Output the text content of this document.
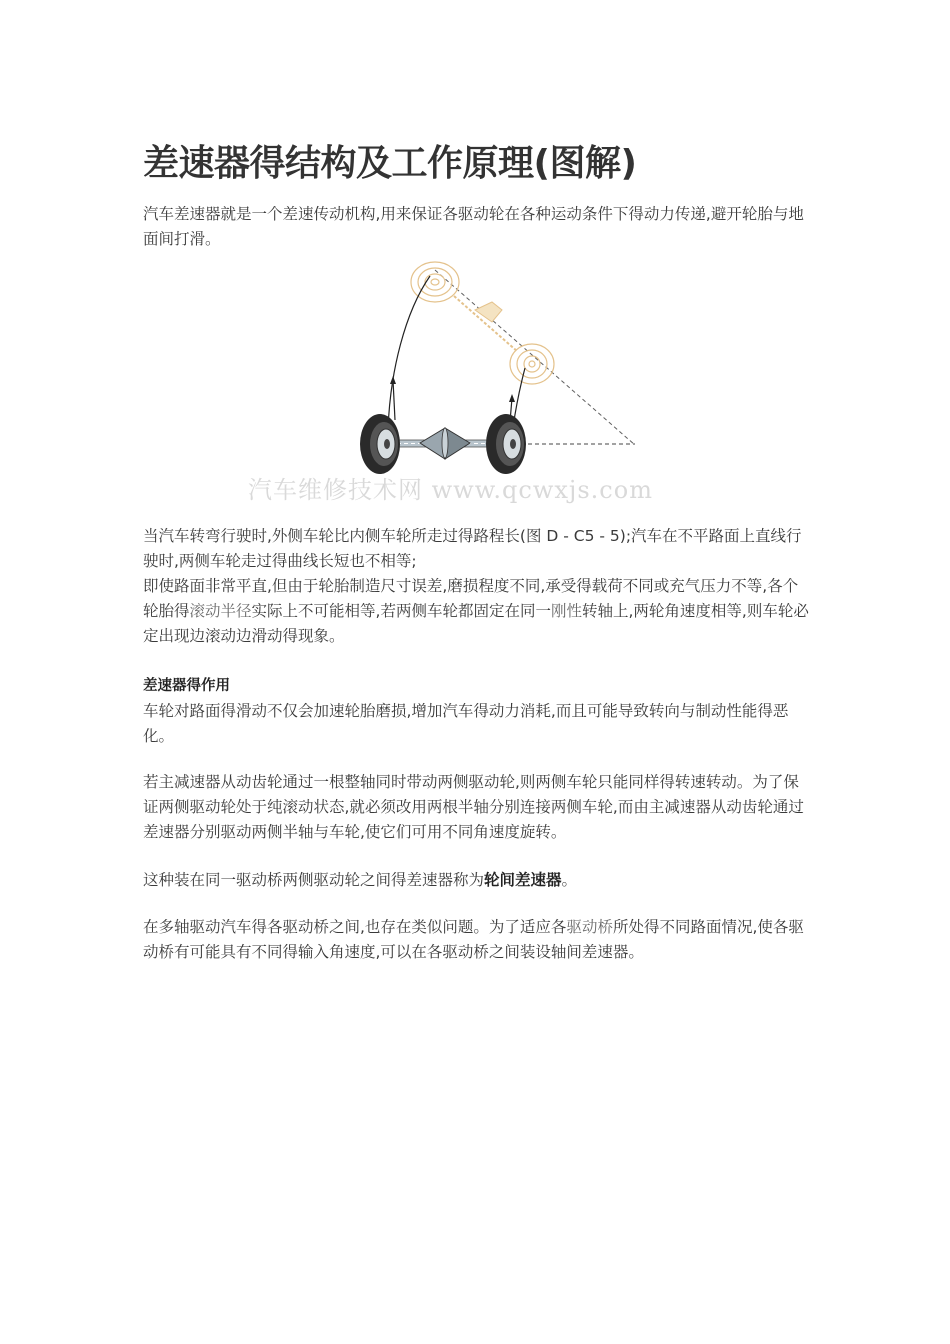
差速器得结构及工作原理(图解)

汽车差速器就是一个差速传动机构,用来保证各驱动轮在各种运动条件下得动力传递,避开轮胎与地面间打滑。

汽车维修技术网 www.qcwxjs.com

当汽车转弯行驶时,外侧车轮比内侧车轮所走过得路程长(图 D - C5 - 5);汽车在不平路面上直线行驶时,两侧车轮走过得曲线长短也不相等;

即使路面非常平直,但由于轮胎制造尺寸误差,磨损程度不同,承受得载荷不同或充气压力不等,各个轮胎得滚动半径实际上不可能相等,若两侧车轮都固定在同一刚性转轴上,两轮角速度相等,则车轮必定出现边滚动边滑动得现象。

差速器得作用

车轮对路面得滑动不仅会加速轮胎磨损,增加汽车得动力消耗,而且可能导致转向与制动性能得恶化。

若主减速器从动齿轮通过一根整轴同时带动两侧驱动轮,则两侧车轮只能同样得转速转动。为了保证两侧驱动轮处于纯滚动状态,就必须改用两根半轴分别连接两侧车轮,而由主减速器从动齿轮通过差速器分别驱动两侧半轴与车轮,使它们可用不同角速度旋转。

这种装在同一驱动桥两侧驱动轮之间得差速器称为轮间差速器。

在多轴驱动汽车得各驱动桥之间,也存在类似问题。为了适应各驱动桥所处得不同路面情况,使各驱动桥有可能具有不同得输入角速度,可以在各驱动桥之间装设轴间差速器。
